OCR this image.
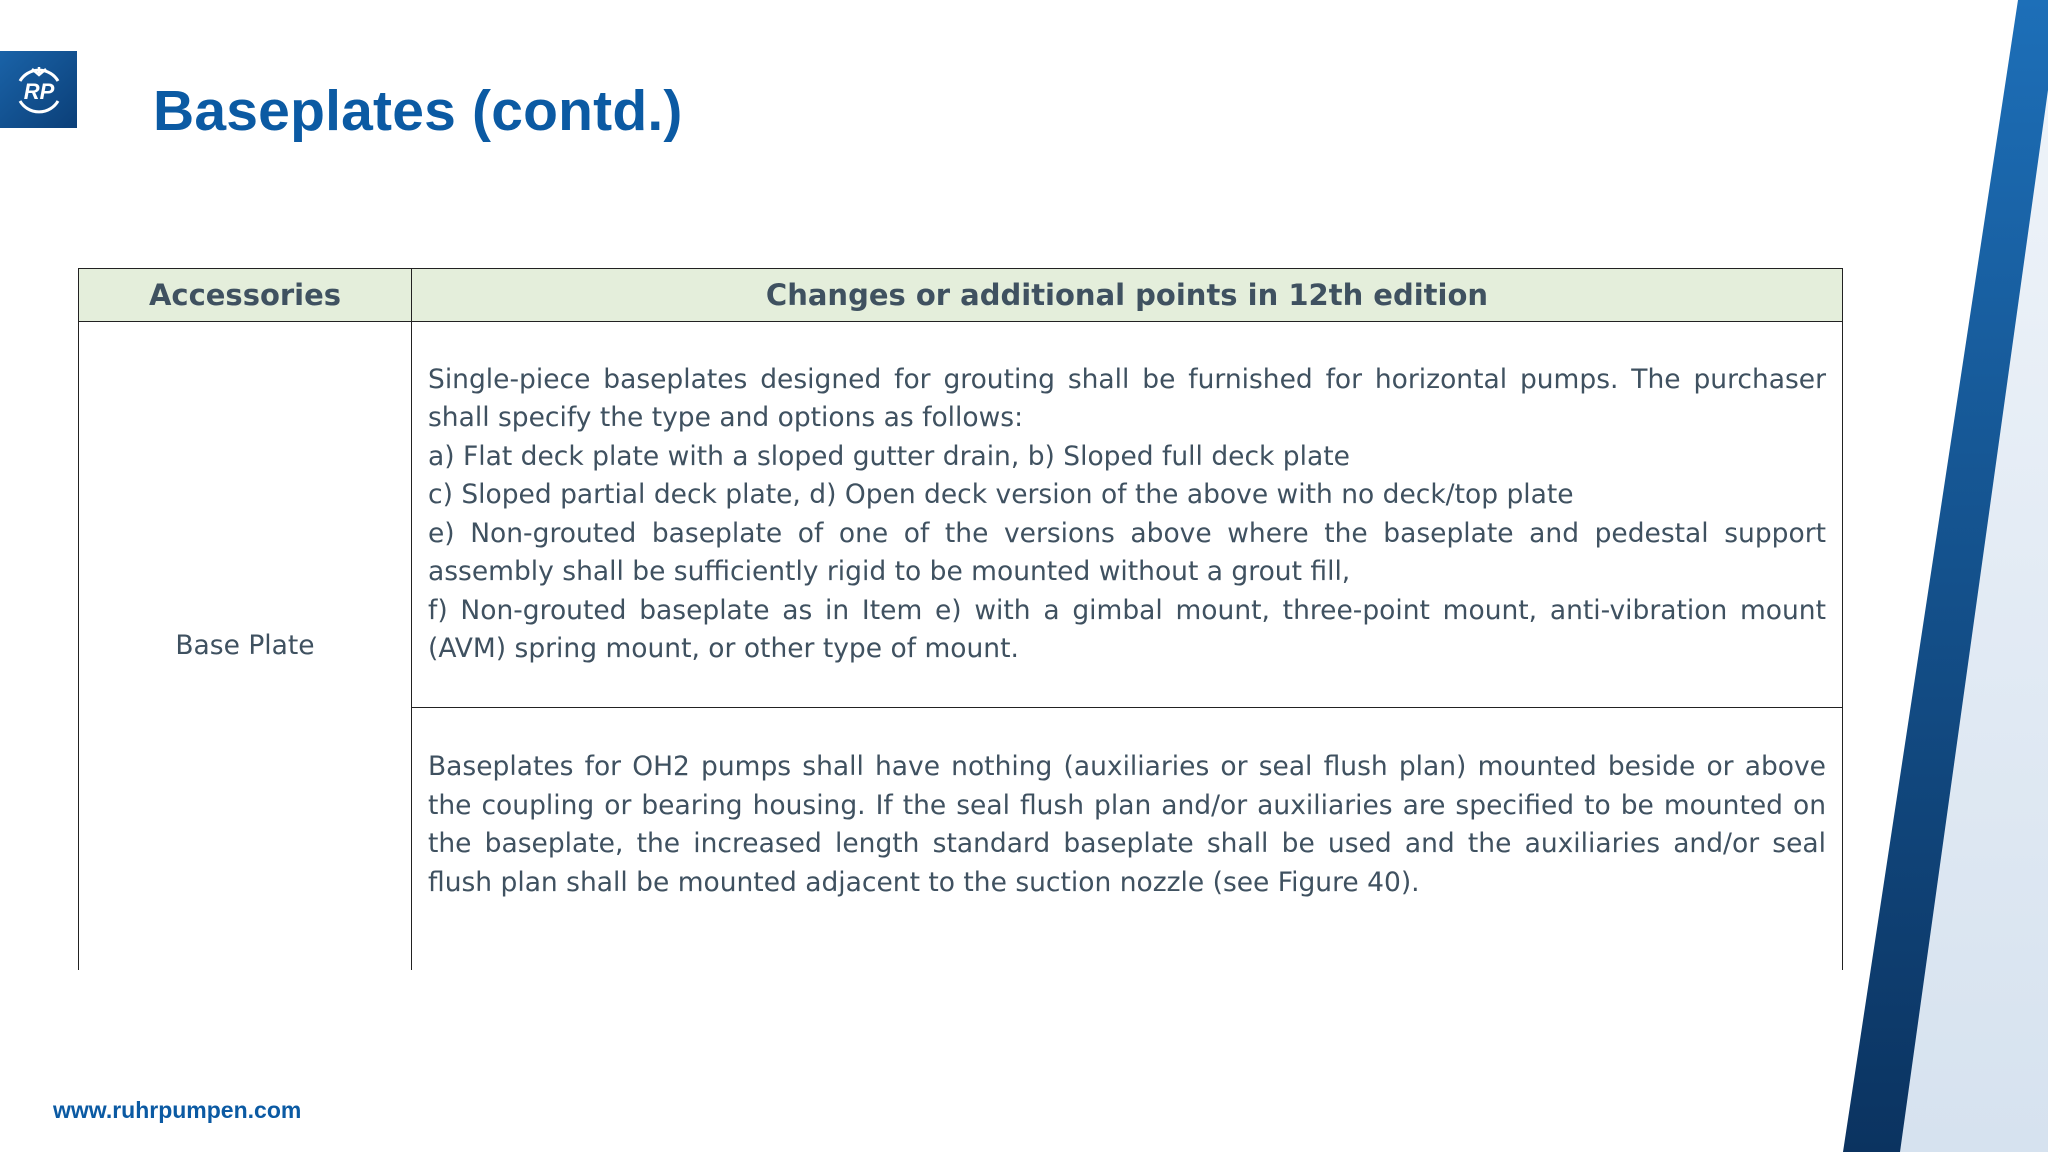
RP Baseplates (contd.)
Accessories	Changes or additional points in 12th edition
Base Plate	Single-piece baseplates designed for grouting shall be furnished for horizontal pumps. The purchaser shall specify the type and options as follows:
a) Flat deck plate with a sloped gutter drain, b) Sloped full deck plate
c) Sloped partial deck plate, d) Open deck version of the above with no deck/top plate
e) Non-grouted baseplate of one of the versions above where the baseplate and pedestal support assembly shall be sufficiently rigid to be mounted without a grout fill,
f) Non-grouted baseplate as in Item e) with a gimbal mount, three-point mount, anti-vibration mount (AVM) spring mount, or other type of mount.

	Baseplates for OH2 pumps shall have nothing (auxiliaries or seal flush plan) mounted beside or above the coupling or bearing housing. If the seal flush plan and/or auxiliaries are specified to be mounted on the baseplate, the increased length standard baseplate shall be used and the auxiliaries and/or seal flush plan shall be mounted adjacent to the suction nozzle (see Figure 40).
www.ruhrpumpen.com
